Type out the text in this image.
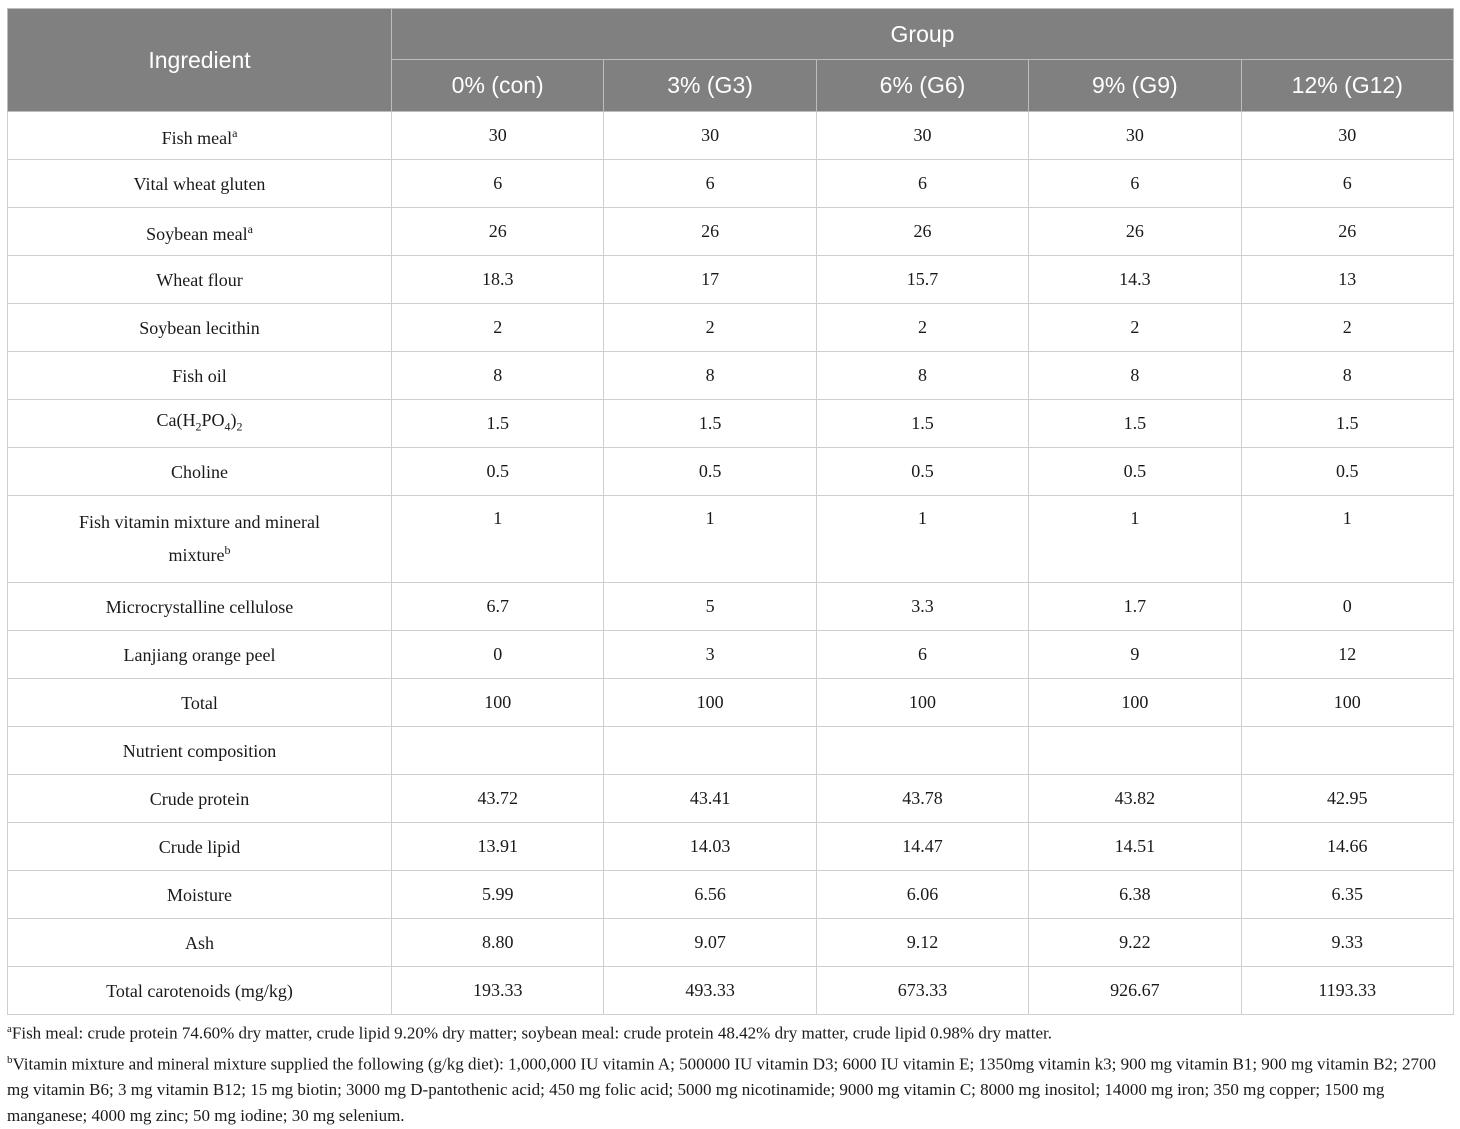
Ingredient	Group				
	0% (con)	3% (G3)	6% (G6)	9% (G9)	12% (G12)
Fish meal$^a$	30	30	30	30	30
Vital wheat gluten	6	6	6	6	6
Soybean meal$^a$	26	26	26	26	26
Wheat flour	18.3	17	15.7	14.3	13
Soybean lecithin	2	2	2	2	2
Fish oil	8	8	8	8	8
$Ca(H_2PO_4)_2$	1.5	1.5	1.5	1.5	1.5
Choline	0.5	0.5	0.5	0.5	0.5
Fish vitamin mixture and mineral mixture$^b$	1	1	1	1	1
Microcrystalline cellulose	6.7	5	3.3	1.7	0
Lanjiang orange peel	0	3	6	9	12
Total	100	100	100	100	100
Nutrient composition					
Crude protein	43.72	43.41	43.78	43.82	42.95
Crude lipid	13.91	14.03	14.47	14.51	14.66
Moisture	5.99	6.56	6.06	6.38	6.35
Ash	8.80	9.07	9.12	9.22	9.33
Total carotenoids (mg/kg)	193.33	493.33	673.33	926.67	1193.33

$^a$Fish meal: crude protein 74.60% dry matter, crude lipid 9.20% dry matter; soybean meal: crude protein 48.42% dry matter, crude lipid 0.98% dry matter.

$^b$Vitamin mixture and mineral mixture supplied the following (g/kg diet): 1,000,000 IU vitamin A; 500000 IU vitamin D3; 6000 IU vitamin E; 1350mg vitamin k3; 900 mg vitamin B1; 900 mg vitamin B2; 2700 mg vitamin B6; 3 mg vitamin B12; 15 mg biotin; 3000 mg D-pantothenic acid; 450 mg folic acid; 5000 mg nicotinamide; 9000 mg vitamin C; 8000 mg inositol; 14000 mg iron; 350 mg copper; 1500 mg manganese; 4000 mg zinc; 50 mg iodine; 30 mg selenium.
